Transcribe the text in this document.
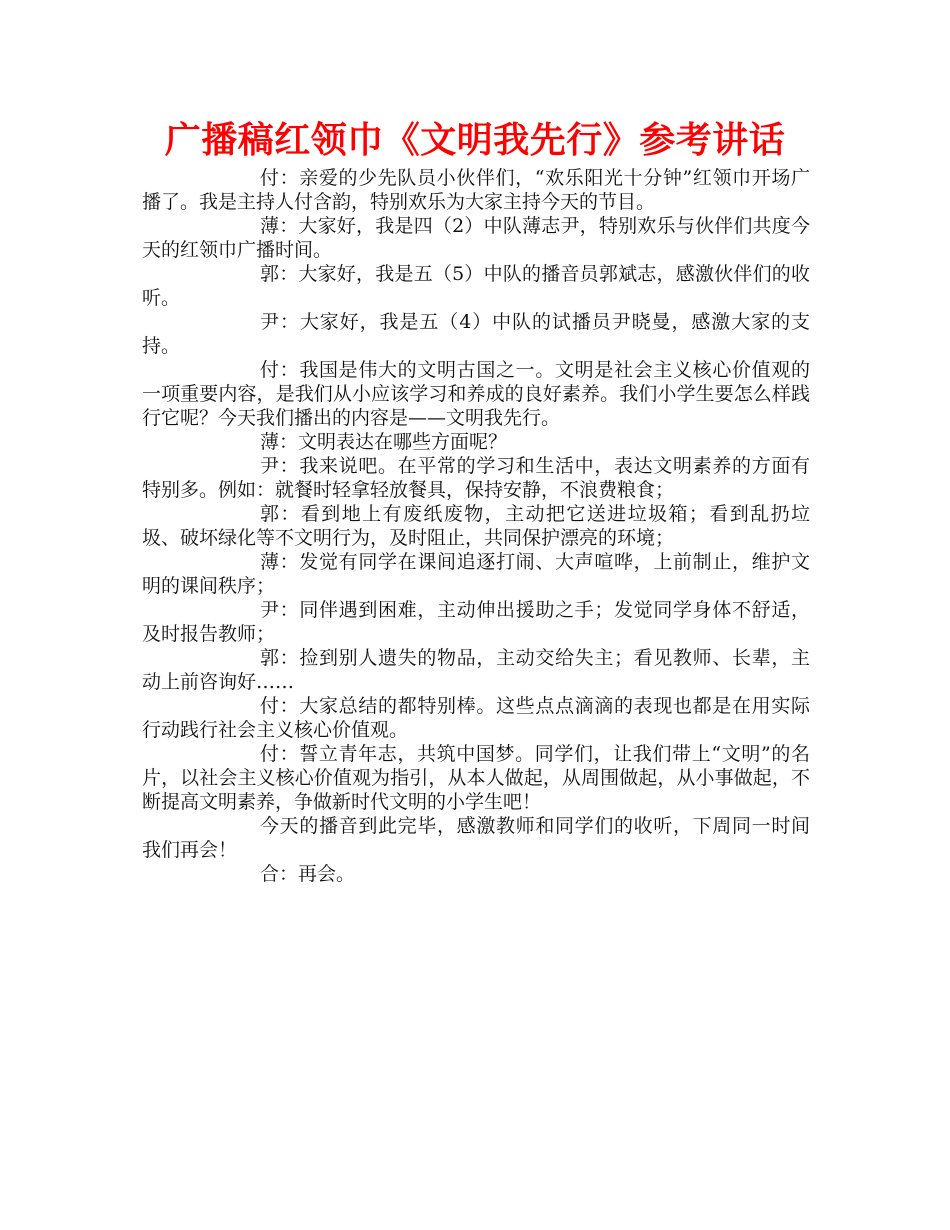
广播稿红领巾《文明我先行》参考讲话

付：亲爱的少先队员小伙伴们，“欢乐阳光十分钟”红领巾开场广播了。我是主持人付含韵，特别欢乐为大家主持今天的节目。

薄：大家好，我是四（2）中队薄志尹，特别欢乐与伙伴们共度今天的红领巾广播时间。

郭：大家好，我是五（5）中队的播音员郭斌志，感激伙伴们的收听。

尹：大家好，我是五（4）中队的试播员尹晓曼，感激大家的支持。

付：我国是伟大的文明古国之一。文明是社会主义核心价值观的一项重要内容，是我们从小应该学习和养成的良好素养。我们小学生要怎么样践行它呢？今天我们播出的内容是——文明我先行。

薄：文明表达在哪些方面呢？

尹：我来说吧。在平常的学习和生活中，表达文明素养的方面有特别多。例如：就餐时轻拿轻放餐具，保持安静，不浪费粮食；

郭：看到地上有废纸废物，主动把它送进垃圾箱；看到乱扔垃圾、破坏绿化等不文明行为，及时阻止，共同保护漂亮的环境；

薄：发觉有同学在课间追逐打闹、大声喧哗，上前制止，维护文明的课间秩序；

尹：同伴遇到困难，主动伸出援助之手；发觉同学身体不舒适，及时报告教师；

郭：捡到别人遗失的物品，主动交给失主；看见教师、长辈，主动上前咨询好……

付：大家总结的都特别棒。这些点点滴滴的表现也都是在用实际行动践行社会主义核心价值观。

付：誓立青年志，共筑中国梦。同学们，让我们带上“文明”的名片，以社会主义核心价值观为指引，从本人做起，从周围做起，从小事做起，不断提高文明素养，争做新时代文明的小学生吧！

今天的播音到此完毕，感激教师和同学们的收听，下周同一时间我们再会！

合：再会。
